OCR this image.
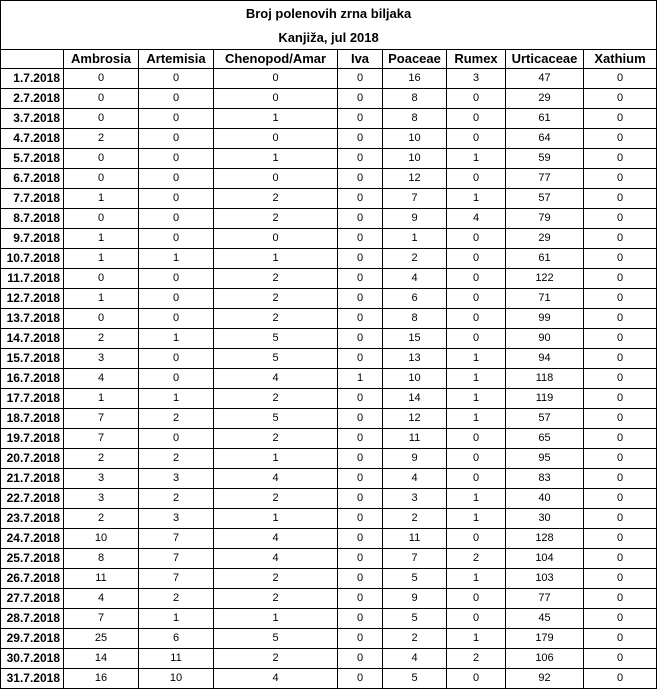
Broj polenovih zrna biljaka								
Kanjiža, jul 2018								
	Ambrosia	Artemisia	Chenopod/Amar	Iva	Poaceae	Rumex	Urticaceae	Xathium
1.7.2018	0	0	0	0	16	3	47	0
2.7.2018	0	0	0	0	8	0	29	0
3.7.2018	0	0	1	0	8	0	61	0
4.7.2018	2	0	0	0	10	0	64	0
5.7.2018	0	0	1	0	10	1	59	0
6.7.2018	0	0	0	0	12	0	77	0
7.7.2018	1	0	2	0	7	1	57	0
8.7.2018	0	0	2	0	9	4	79	0
9.7.2018	1	0	0	0	1	0	29	0
10.7.2018	1	1	1	0	2	0	61	0
11.7.2018	0	0	2	0	4	0	122	0
12.7.2018	1	0	2	0	6	0	71	0
13.7.2018	0	0	2	0	8	0	99	0
14.7.2018	2	1	5	0	15	0	90	0
15.7.2018	3	0	5	0	13	1	94	0
16.7.2018	4	0	4	1	10	1	118	0
17.7.2018	1	1	2	0	14	1	119	0
18.7.2018	7	2	5	0	12	1	57	0
19.7.2018	7	0	2	0	11	0	65	0
20.7.2018	2	2	1	0	9	0	95	0
21.7.2018	3	3	4	0	4	0	83	0
22.7.2018	3	2	2	0	3	1	40	0
23.7.2018	2	3	1	0	2	1	30	0
24.7.2018	10	7	4	0	11	0	128	0
25.7.2018	8	7	4	0	7	2	104	0
26.7.2018	11	7	2	0	5	1	103	0
27.7.2018	4	2	2	0	9	0	77	0
28.7.2018	7	1	1	0	5	0	45	0
29.7.2018	25	6	5	0	2	1	179	0
30.7.2018	14	11	2	0	4	2	106	0
31.7.2018	16	10	4	0	5	0	92	0
